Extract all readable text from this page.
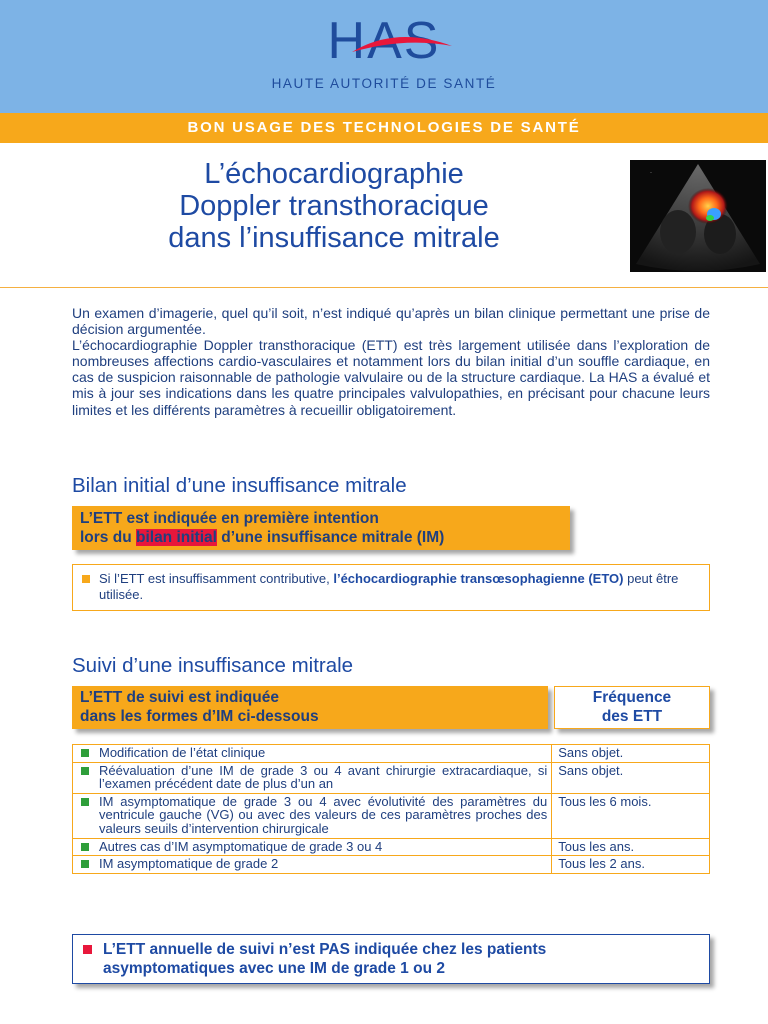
HAS
HAUTE AUTORITÉ DE SANTÉ
BON USAGE DES TECHNOLOGIES DE SANTÉ
L’échocardiographie
Doppler transthoracique
dans l’insuffisance mitrale
·

Un examen d’imagerie, quel qu’il soit, n’est indiqué qu’après un bilan clinique permettant une prise de décision argumentée.

L’échocardiographie Doppler transthoracique (ETT) est très largement utilisée dans l’exploration de nombreuses affections cardio-vasculaires et notamment lors du bilan initial d’un souffle cardiaque, en cas de suspicion raisonnable de pathologie valvulaire ou de la structure cardiaque. La HAS a évalué et mis à jour ses indications dans les quatre principales valvulopathies, en précisant pour chacune leurs limites et les différents paramètres à recueillir obligatoirement.

Bilan initial d’une insuffisance mitrale
L’ETT est indiquée en première intention
lors du bilan initial d’une insuffisance mitrale (IM)
Si l’ETT est insuffisamment contributive, l’échocardiographie transœsophagienne (ETO) peut être utilisée.
Suivi d’une insuffisance mitrale
L’ETT de suivi est indiquée
dans les formes d’IM ci-dessous
Fréquence
des ETT
Modification de l’état clinique	Sans objet.

Réévaluation d’une IM de grade 3 ou 4 avant chirurgie extracardiaque, si l’examen précédent date de plus d’un an	Sans objet.

IM asymptomatique de grade 3 ou 4 avec évolutivité des paramètres du ventricule gauche (VG) ou avec des valeurs de ces paramètres proches des valeurs seuils d’intervention chirurgicale	Tous les 6 mois.

Autres cas d’IM asymptomatique de grade 3 ou 4	Tous les ans.

IM asymptomatique de grade 2	Tous les 2 ans.
L’ETT annuelle de suivi n’est PAS indiquée chez les patients
asymptomatiques avec une IM de grade 1 ou 2
